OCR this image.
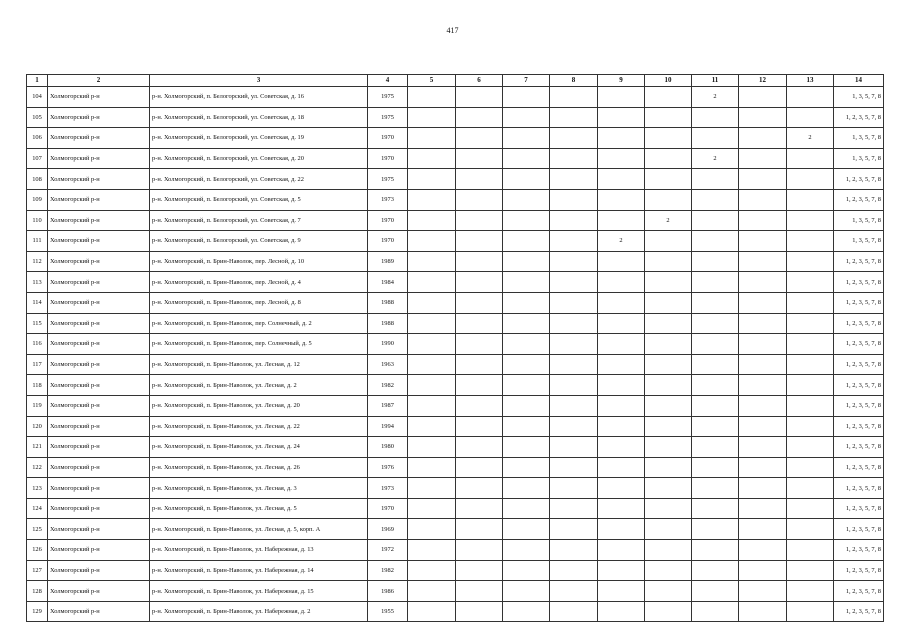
417
1	2	3	4	5	6	7	8	9	10	11	12	13	14
104	Холмогорский р-н	р-н. Холмогорский, п. Белогорский, ул. Советская, д. 16	1975							2			1, 3, 5, 7, 8
105	Холмогорский р-н	р-н. Холмогорский, п. Белогорский, ул. Советская, д. 18	1975										1, 2, 3, 5, 7, 8
106	Холмогорский р-н	р-н. Холмогорский, п. Белогорский, ул. Советская, д. 19	1970									2	1, 3, 5, 7, 8
107	Холмогорский р-н	р-н. Холмогорский, п. Белогорский, ул. Советская, д. 20	1970							2			1, 3, 5, 7, 8
108	Холмогорский р-н	р-н. Холмогорский, п. Белогорский, ул. Советская, д. 22	1975										1, 2, 3, 5, 7, 8
109	Холмогорский р-н	р-н. Холмогорский, п. Белогорский, ул. Советская, д. 5	1973										1, 2, 3, 5, 7, 8
110	Холмогорский р-н	р-н. Холмогорский, п. Белогорский, ул. Советская, д. 7	1970						2				1, 3, 5, 7, 8
111	Холмогорский р-н	р-н. Холмогорский, п. Белогорский, ул. Советская, д. 9	1970					2					1, 3, 5, 7, 8
112	Холмогорский р-н	р-н. Холмогорский, п. Брин-Наволок, пер. Лесной, д. 10	1989										1, 2, 3, 5, 7, 8
113	Холмогорский р-н	р-н. Холмогорский, п. Брин-Наволок, пер. Лесной, д. 4	1984										1, 2, 3, 5, 7, 8
114	Холмогорский р-н	р-н. Холмогорский, п. Брин-Наволок, пер. Лесной, д. 8	1988										1, 2, 3, 5, 7, 8
115	Холмогорский р-н	р-н. Холмогорский, п. Брин-Наволок, пер. Солнечный, д. 2	1988										1, 2, 3, 5, 7, 8
116	Холмогорский р-н	р-н. Холмогорский, п. Брин-Наволок, пер. Солнечный, д. 5	1990										1, 2, 3, 5, 7, 8
117	Холмогорский р-н	р-н. Холмогорский, п. Брин-Наволок, ул. Лесная, д. 12	1963										1, 2, 3, 5, 7, 8
118	Холмогорский р-н	р-н. Холмогорский, п. Брин-Наволок, ул. Лесная, д. 2	1982										1, 2, 3, 5, 7, 8
119	Холмогорский р-н	р-н. Холмогорский, п. Брин-Наволок, ул. Лесная, д. 20	1987										1, 2, 3, 5, 7, 8
120	Холмогорский р-н	р-н. Холмогорский, п. Брин-Наволок, ул. Лесная, д. 22	1994										1, 2, 3, 5, 7, 8
121	Холмогорский р-н	р-н. Холмогорский, п. Брин-Наволок, ул. Лесная, д. 24	1980										1, 2, 3, 5, 7, 8
122	Холмогорский р-н	р-н. Холмогорский, п. Брин-Наволок, ул. Лесная, д. 26	1976										1, 2, 3, 5, 7, 8
123	Холмогорский р-н	р-н. Холмогорский, п. Брин-Наволок, ул. Лесная, д. 3	1973										1, 2, 3, 5, 7, 8
124	Холмогорский р-н	р-н. Холмогорский, п. Брин-Наволок, ул. Лесная, д. 5	1970										1, 2, 3, 5, 7, 8
125	Холмогорский р-н	р-н. Холмогорский, п. Брин-Наволок, ул. Лесная, д. 5, корп. А	1969										1, 2, 3, 5, 7, 8
126	Холмогорский р-н	р-н. Холмогорский, п. Брин-Наволок, ул. Набережная, д. 13	1972										1, 2, 3, 5, 7, 8
127	Холмогорский р-н	р-н. Холмогорский, п. Брин-Наволок, ул. Набережная, д. 14	1982										1, 2, 3, 5, 7, 8
128	Холмогорский р-н	р-н. Холмогорский, п. Брин-Наволок, ул. Набережная, д. 15	1986										1, 2, 3, 5, 7, 8
129	Холмогорский р-н	р-н. Холмогорский, п. Брин-Наволок, ул. Набережная, д. 2	1955										1, 2, 3, 5, 7, 8
